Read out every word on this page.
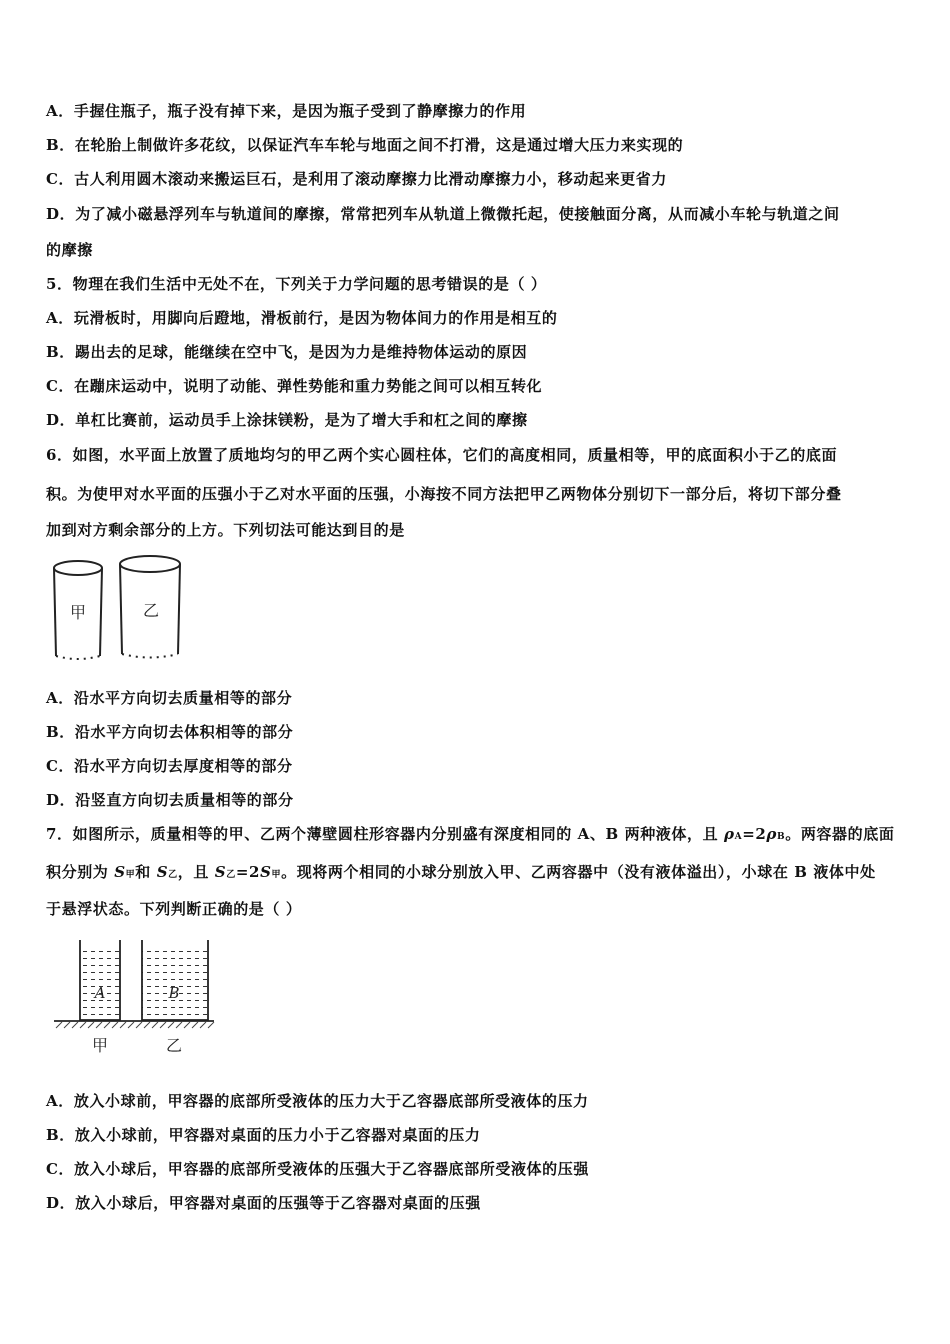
A．手握住瓶子，瓶子没有掉下来，是因为瓶子受到了静摩擦力的作用
B．在轮胎上制做许多花纹，以保证汽车车轮与地面之间不打滑，这是通过增大压力来实现的
C．古人利用圆木滚动来搬运巨石，是利用了滚动摩擦力比滑动摩擦力小，移动起来更省力
D．为了减小磁悬浮列车与轨道间的摩擦，常常把列车从轨道上微微托起，使接触面分离，从而减小车轮与轨道之间
的摩擦
5．物理在我们生活中无处不在，下列关于力学问题的思考错误的是（ ）
A．玩滑板时，用脚向后蹬地，滑板前行，是因为物体间力的作用是相互的
B．踢出去的足球，能继续在空中飞，是因为力是维持物体运动的原因
C．在蹦床运动中，说明了动能、弹性势能和重力势能之间可以相互转化
D．单杠比赛前，运动员手上涂抹镁粉，是为了增大手和杠之间的摩擦
6．如图，水平面上放置了质地均匀的甲乙两个实心圆柱体，它们的高度相同，质量相等，甲的底面积小于乙的底面
积。为使甲对水平面的压强小于乙对水平面的压强，小海按不同方法把甲乙两物体分别切下一部分后，将切下部分叠
加到对方剩余部分的上方。下列切法可能达到目的是
甲	乙
A．沿水平方向切去质量相等的部分
B．沿水平方向切去体积相等的部分
C．沿水平方向切去厚度相等的部分
D．沿竖直方向切去质量相等的部分
7．如图所示，质量相等的甲、乙两个薄壁圆柱形容器内分别盛有深度相同的 A、B 两种液体，且 ρA=2ρB。两容器的底面
积分别为 S甲和 S乙，且 S乙=2S甲。现将两个相同的小球分别放入甲、乙两容器中（没有液体溢出），小球在 B 液体中处
于悬浮状态。下列判断正确的是（ ）
A	B
甲	乙
A．放入小球前，甲容器的底部所受液体的压力大于乙容器底部所受液体的压力
B．放入小球前，甲容器对桌面的压力小于乙容器对桌面的压力
C．放入小球后，甲容器的底部所受液体的压强大于乙容器底部所受液体的压强
D．放入小球后，甲容器对桌面的压强等于乙容器对桌面的压强
